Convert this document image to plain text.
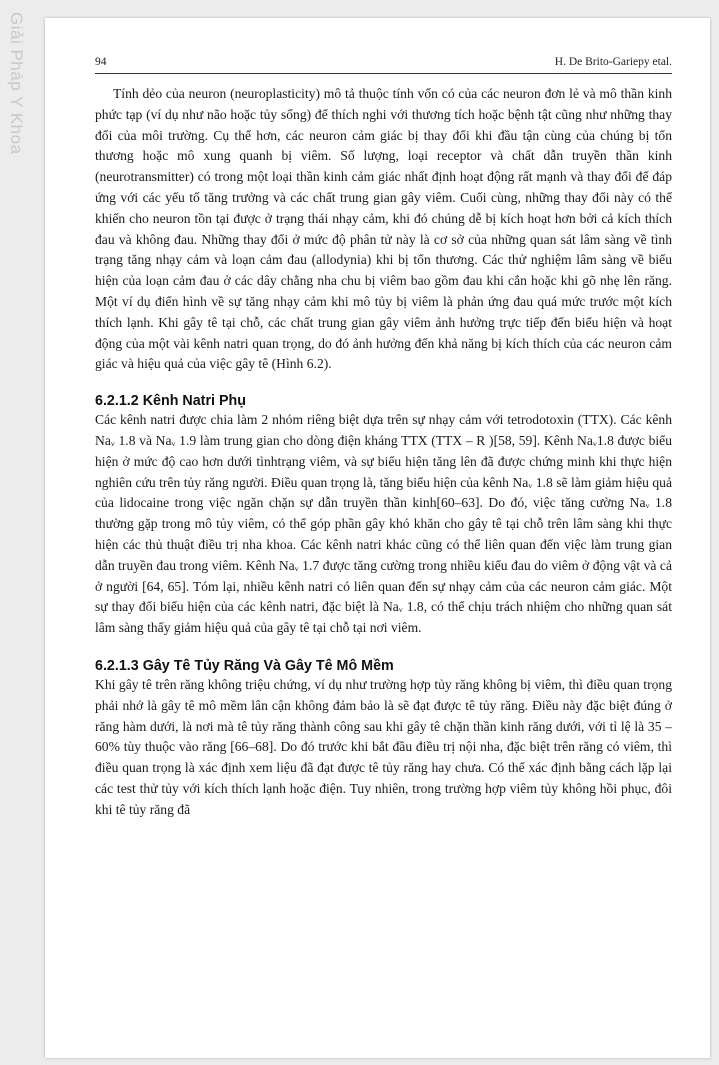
Giải Pháp Y Khoa	94	H. De Brito-Gariepy etal.

Tính dẻo của neuron (neuroplasticity) mô tả thuộc tính vốn có của các neuron đơn lẻ và mô thần kinh phức tạp (ví dụ như não hoặc tủy sống) để thích nghi với thương tích hoặc bệnh tật cũng như những thay đổi của môi trường. Cụ thể hơn, các neuron cảm giác bị thay đổi khi đầu tận cùng của chúng bị tổn thương hoặc mô xung quanh bị viêm. Số lượng, loại receptor và chất dẫn truyền thần kinh (neurotransmitter) có trong một loại thần kinh cảm giác nhất định hoạt động rất mạnh và thay đổi để đáp ứng với các yếu tố tăng trưởng và các chất trung gian gây viêm. Cuối cùng, những thay đổi này có thể khiến cho neuron tồn tại được ở trạng thái nhạy cảm, khi đó chúng dễ bị kích hoạt hơn bởi cả kích thích đau và không đau. Những thay đổi ở mức độ phân tử này là cơ sở của những quan sát lâm sàng về tình trạng tăng nhạy cảm và loạn cảm đau (allodynia) khi bị tổn thương. Các thử nghiệm lâm sàng về biểu hiện của loạn cảm đau ở các dây chằng nha chu bị viêm bao gồm đau khi cắn hoặc khi gõ nhẹ lên răng. Một ví dụ điển hình về sự tăng nhạy cảm khi mô tủy bị viêm là phản ứng đau quá mức trước một kích thích lạnh. Khi gây tê tại chỗ, các chất trung gian gây viêm ảnh hưởng trực tiếp đến biểu hiện và hoạt động của một vài kênh natri quan trọng, do đó ảnh hưởng đến khả năng bị kích thích của các neuron cảm giác và hiệu quả của việc gây tê (Hình 6.2).

6.2.1.2 Kênh Natri Phụ

Các kênh natri được chia làm 2 nhóm riêng biệt dựa trên sự nhạy cảm với tetrodotoxin (TTX). Các kênh Naᵥ 1.8 và Naᵥ 1.9 làm trung gian cho dòng điện kháng TTX (TTX – R )[58, 59]. Kênh Naᵥ1.8 được biểu hiện ở mức độ cao hơn dưới tìnhtrạng viêm, và sự biểu hiện tăng lên đã được chứng minh khi thực hiện nghiên cứu trên tủy răng người. Điều quan trọng là, tăng biểu hiện của kênh Naᵥ 1.8 sẽ làm giảm hiệu quả của lidocaine trong việc ngăn chặn sự dẫn truyền thần kinh[60–63]. Do đó, việc tăng cường Naᵥ 1.8 thường gặp trong mô tủy viêm, có thể góp phần gây khó khăn cho gây tê tại chỗ trên lâm sàng khi thực hiện các thủ thuật điều trị nha khoa. Các kênh natri khác cũng có thể liên quan đến việc làm trung gian dẫn truyền đau trong viêm. Kênh Naᵥ 1.7 được tăng cường trong nhiều kiểu đau do viêm ở động vật và cả ở người [64, 65]. Tóm lại, nhiều kênh natri có liên quan đến sự nhạy cảm của các neuron cảm giác. Một sự thay đổi biểu hiện của các kênh natri, đặc biệt là Naᵥ 1.8, có thể chịu trách nhiệm cho những quan sát lâm sàng thấy giảm hiệu quả của gây tê tại chỗ tại nơi viêm.

6.2.1.3 Gây Tê Tủy Răng Và Gây Tê Mô Mềm

Khi gây tê trên răng không triệu chứng, ví dụ như trường hợp tủy răng không bị viêm, thì điều quan trọng phải nhớ là gây tê mô mềm lân cận không đảm bảo là sẽ đạt được tê tủy răng. Điều này đặc biệt đúng ở răng hàm dưới, là nơi mà tê tủy răng thành công sau khi gây tê chặn thần kinh răng dưới, với tỉ lệ là 35 – 60% tùy thuộc vào răng [66–68]. Do đó trước khi bắt đầu điều trị nội nha, đặc biệt trên răng có viêm, thì điều quan trọng là xác định xem liệu đã đạt được tê tủy răng hay chưa. Có thể xác định bằng cách lặp lại các test thử tủy với kích thích lạnh hoặc điện. Tuy nhiên, trong trường hợp viêm tủy không hồi phục, đôi khi tê tủy răng đã
